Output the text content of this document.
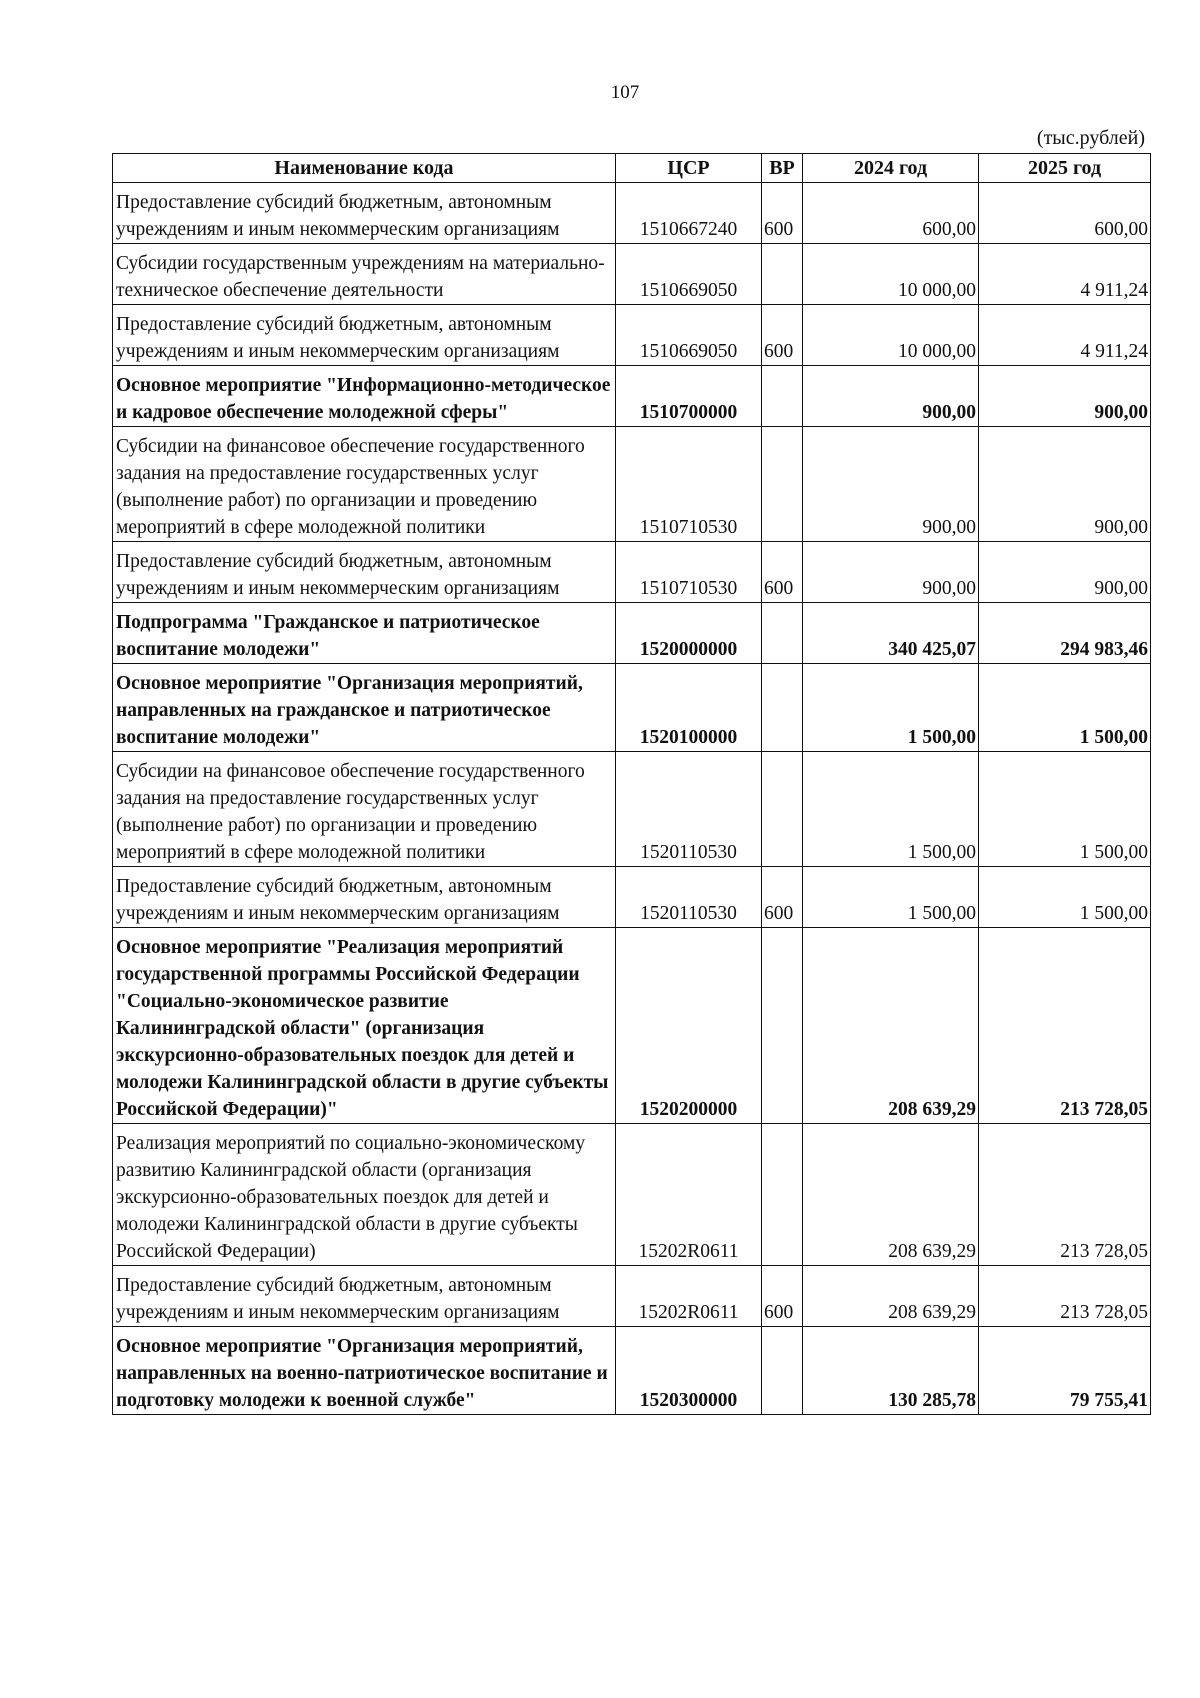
107
(тыс.рублей)
Наименование кода	ЦСР	ВР	2024 год	2025 год
Предоставление субсидий бюджетным, автономным учреждениям и иным некоммерческим организациям	1510667240	600	600,00	600,00
Субсидии государственным учреждениям на материально-техническое обеспечение деятельности	1510669050		10 000,00	4 911,24
Предоставление субсидий бюджетным, автономным учреждениям и иным некоммерческим организациям	1510669050	600	10 000,00	4 911,24
Основное мероприятие "Информационно-методическое и кадровое обеспечение молодежной сферы"	1510700000		900,00	900,00
Субсидии на финансовое обеспечение государственного задания на предоставление государственных услуг (выполнение работ) по организации и проведению мероприятий в сфере молодежной политики	1510710530		900,00	900,00
Предоставление субсидий бюджетным, автономным учреждениям и иным некоммерческим организациям	1510710530	600	900,00	900,00
Подпрограмма "Гражданское и патриотическое воспитание молодежи"	1520000000		340 425,07	294 983,46
Основное мероприятие "Организация мероприятий, направленных на гражданское и патриотическое воспитание молодежи"	1520100000		1 500,00	1 500,00
Субсидии на финансовое обеспечение государственного задания на предоставление государственных услуг (выполнение работ) по организации и проведению мероприятий в сфере молодежной политики	1520110530		1 500,00	1 500,00
Предоставление субсидий бюджетным, автономным учреждениям и иным некоммерческим организациям	1520110530	600	1 500,00	1 500,00
Основное мероприятие "Реализация мероприятий государственной программы Российской Федерации "Социально-экономическое развитие Калининградской области" (организация экскурсионно-образовательных поездок для детей и молодежи Калининградской области в другие субъекты Российской Федерации)"	1520200000		208 639,29	213 728,05
Реализация мероприятий по социально-экономическому развитию Калининградской области (организация экскурсионно-образовательных поездок для детей и молодежи Калининградской области в другие субъекты Российской Федерации)	15202R0611		208 639,29	213 728,05
Предоставление субсидий бюджетным, автономным учреждениям и иным некоммерческим организациям	15202R0611	600	208 639,29	213 728,05
Основное мероприятие "Организация мероприятий, направленных на военно-патриотическое воспитание и подготовку молодежи к военной службе"	1520300000		130 285,78	79 755,41
